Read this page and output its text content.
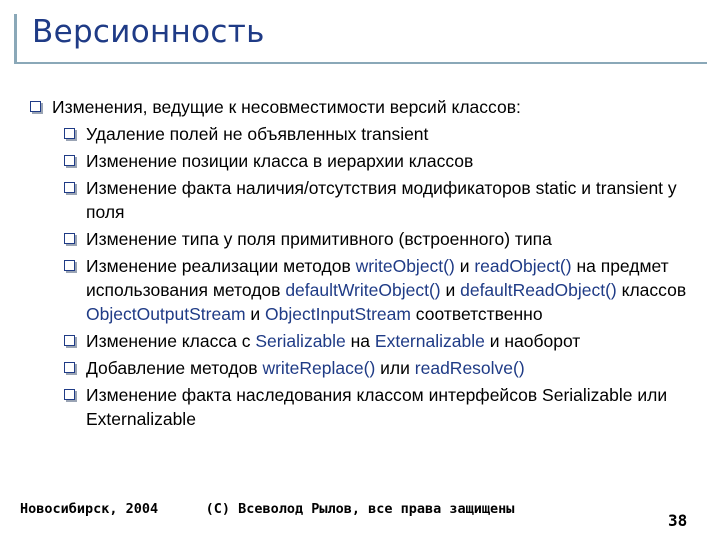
Версионность
Изменения, ведущие к несовместимости версий классов:
Удаление полей не объявленных transient
Изменение позиции класса в иерархии классов
Изменение факта наличия/отсутствия модификаторов static и transient у поля
Изменение типа у поля примитивного (встроенного) типа
Изменение реализации методов writeObject() и readObject() на предмет использования методов defaultWriteObject() и defaultReadObject() классов ObjectOutputStream и ObjectInputStream соответственно
Изменение класса с Serializable на Externalizable и наоборот
Добавление методов writeReplace() или readResolve()
Изменение факта наследования классом интерфейсов Serializable или Externalizable
Новосибирск, 2004	(С) Всеволод Рылов, все права защищены
38
